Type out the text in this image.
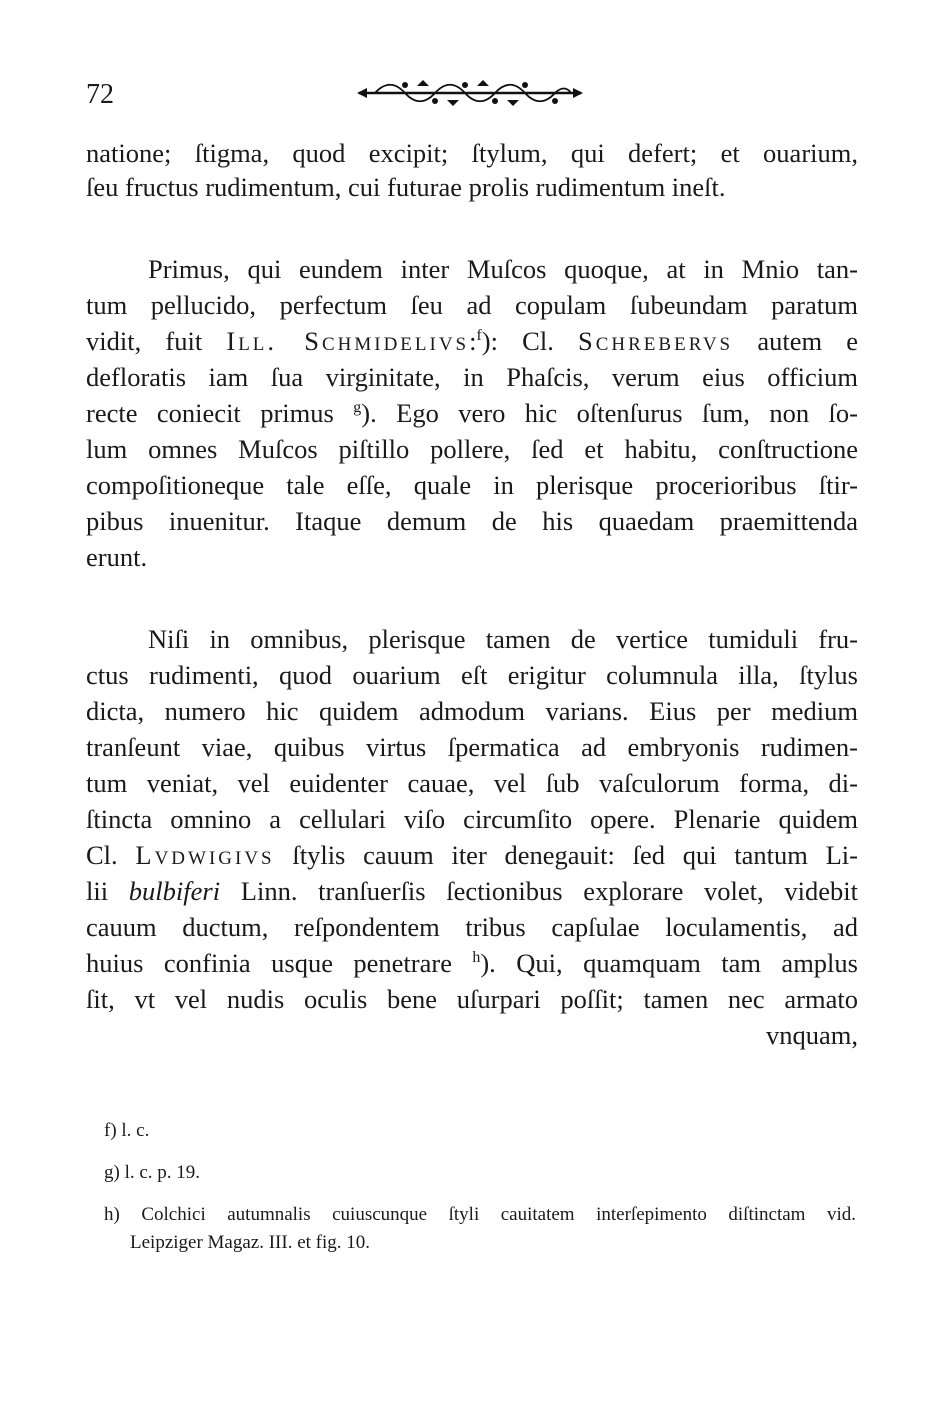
72
natione; ſtigma, quod excipit; ſtylum, qui defert; et ouarium,
ſeu fructus rudimentum, cui futurae prolis rudimentum ineſt.
Primus, qui eundem inter Muſcos quoque, at in Mnio tan-
tum pellucido, perfectum ſeu ad copulam ſubeundam paratum
vidit, fuit Ill. Schmidelivs:$^f$): Cl. Schrebervs autem e
defloratis iam ſua virginitate, in Phaſcis, verum eius officium
recte coniecit primus $^g$). Ego vero hic oſtenſurus ſum, non ſo-
lum omnes Muſcos piſtillo pollere, ſed et habitu, conſtructione
compoſitioneque tale eſſe, quale in plerisque procerioribus ſtir-
pibus inuenitur. Itaque demum de his quaedam praemittenda
erunt.
Niſi in omnibus, plerisque tamen de vertice tumiduli fru-
ctus rudimenti, quod ouarium eſt erigitur columnula illa, ſtylus
dicta, numero hic quidem admodum varians. Eius per medium
tranſeunt viae, quibus virtus ſpermatica ad embryonis rudimen-
tum veniat, vel euidenter cauae, vel ſub vaſculorum forma, di-
ſtincta omnino a cellulari viſo circumſito opere. Plenarie quidem
Cl. Lvdwigivs ſtylis cauum iter denegauit: ſed qui tantum Li-
lii bulbiferi Linn. tranſuerſis ſectionibus explorare volet, videbit
cauum ductum, reſpondentem tribus capſulae loculamentis, ad
huius confinia usque penetrare $^h$). Qui, quamquam tam amplus
ſit, vt vel nudis oculis bene uſurpari poſſit; tamen nec armato
vnquam,
f) l. c.
g) l. c. p. 19.
h) Colchici autumnalis cuiuscunque ſtyli cauitatem interſepimento diſtinctam vid.
Leipziger Magaz. III. et fig. 10.
